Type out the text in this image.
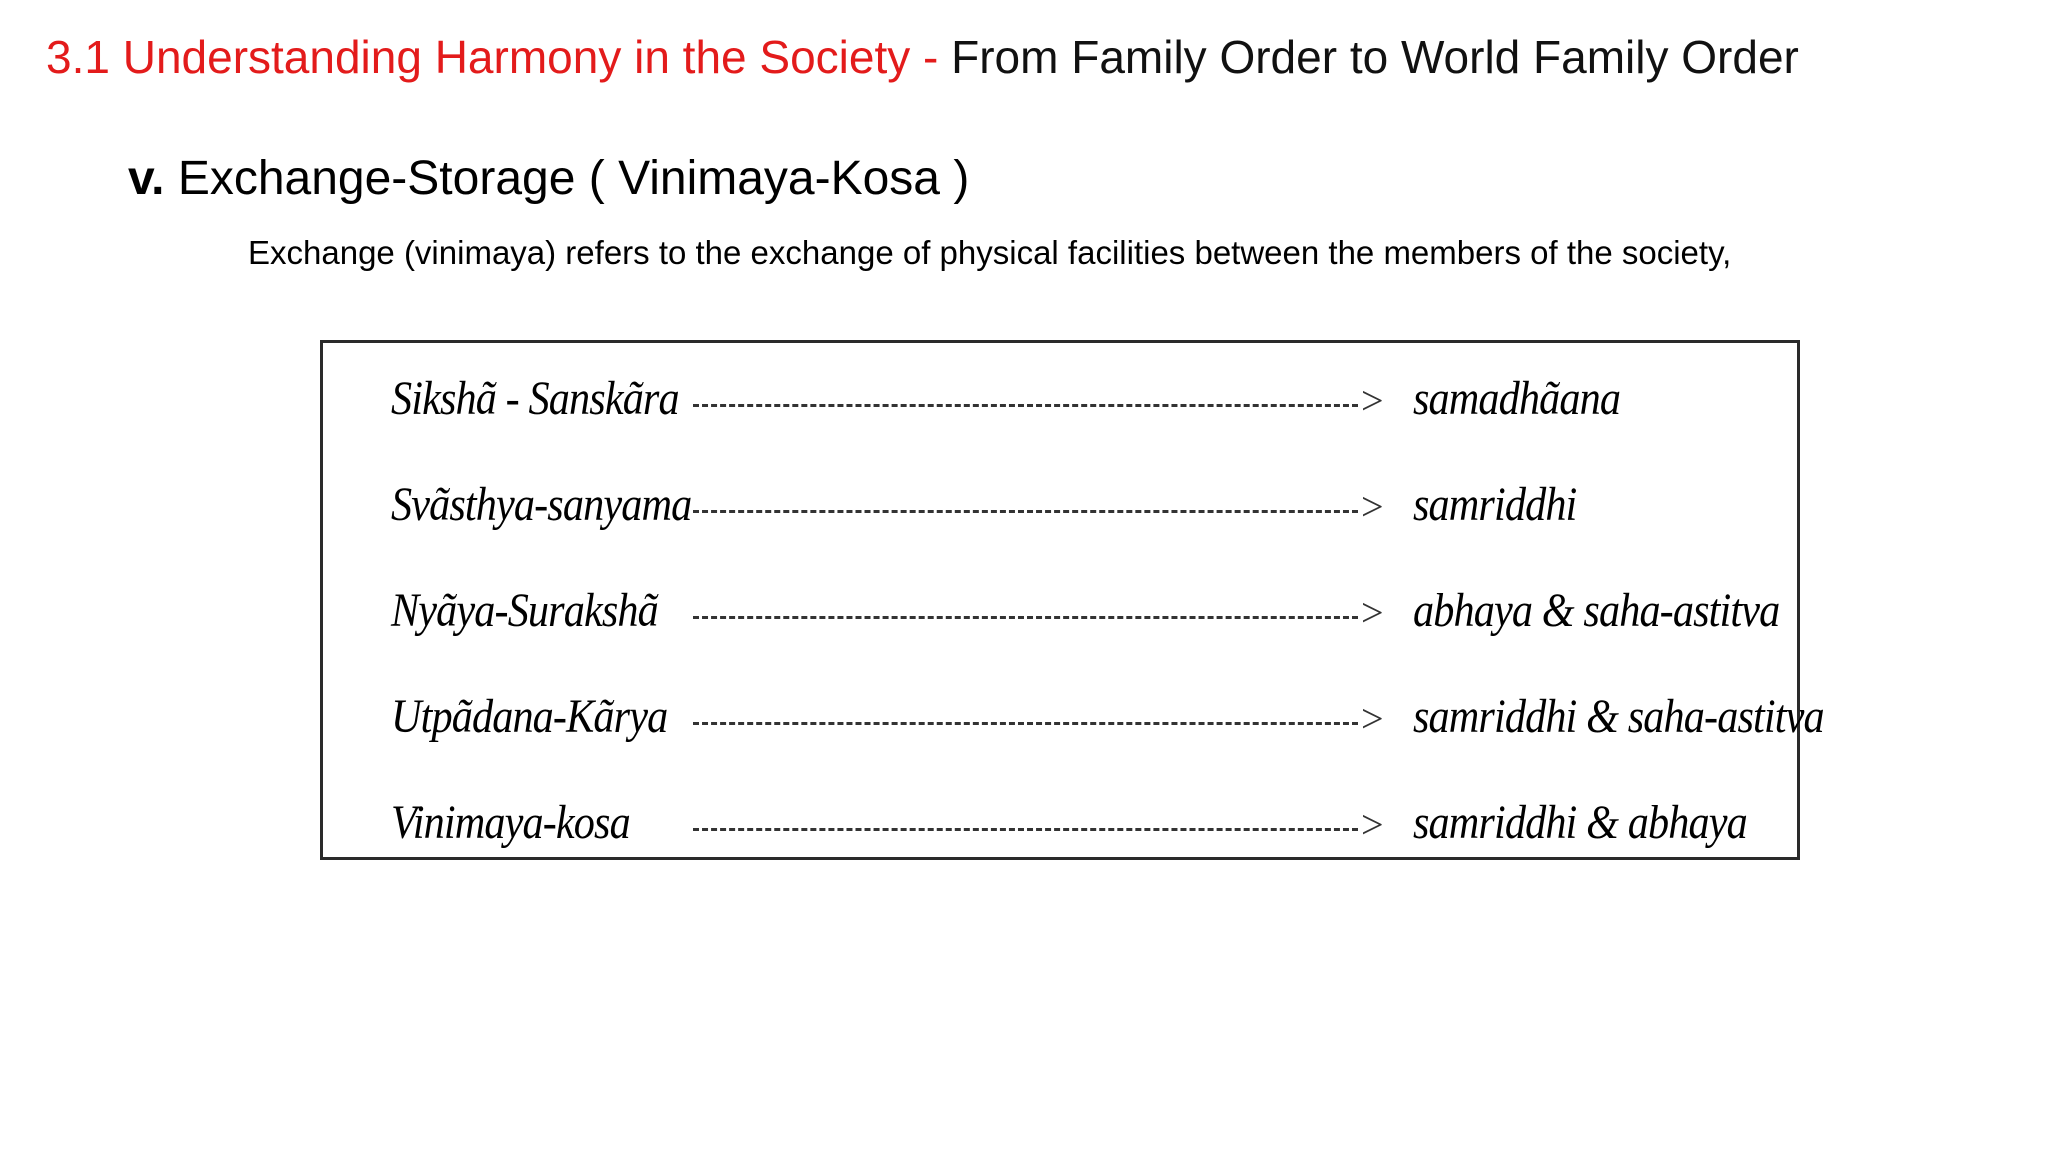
3.1 Understanding Harmony in the Society - From Family Order to World Family Order
v. Exchange-Storage ( Vinimaya-Kosa )
Exchange (vinimaya) refers to the exchange of physical facilities between the members of the society,
Sikshã - Sanskãra	> samadhãana
Svãsthya-sanyama	> samriddhi
Nyãya-Surakshã	> abhaya & saha-astitva
Utpãdana-Kãrya	> samriddhi & saha-astitva
Vinimaya-kosa	> samriddhi & abhaya
